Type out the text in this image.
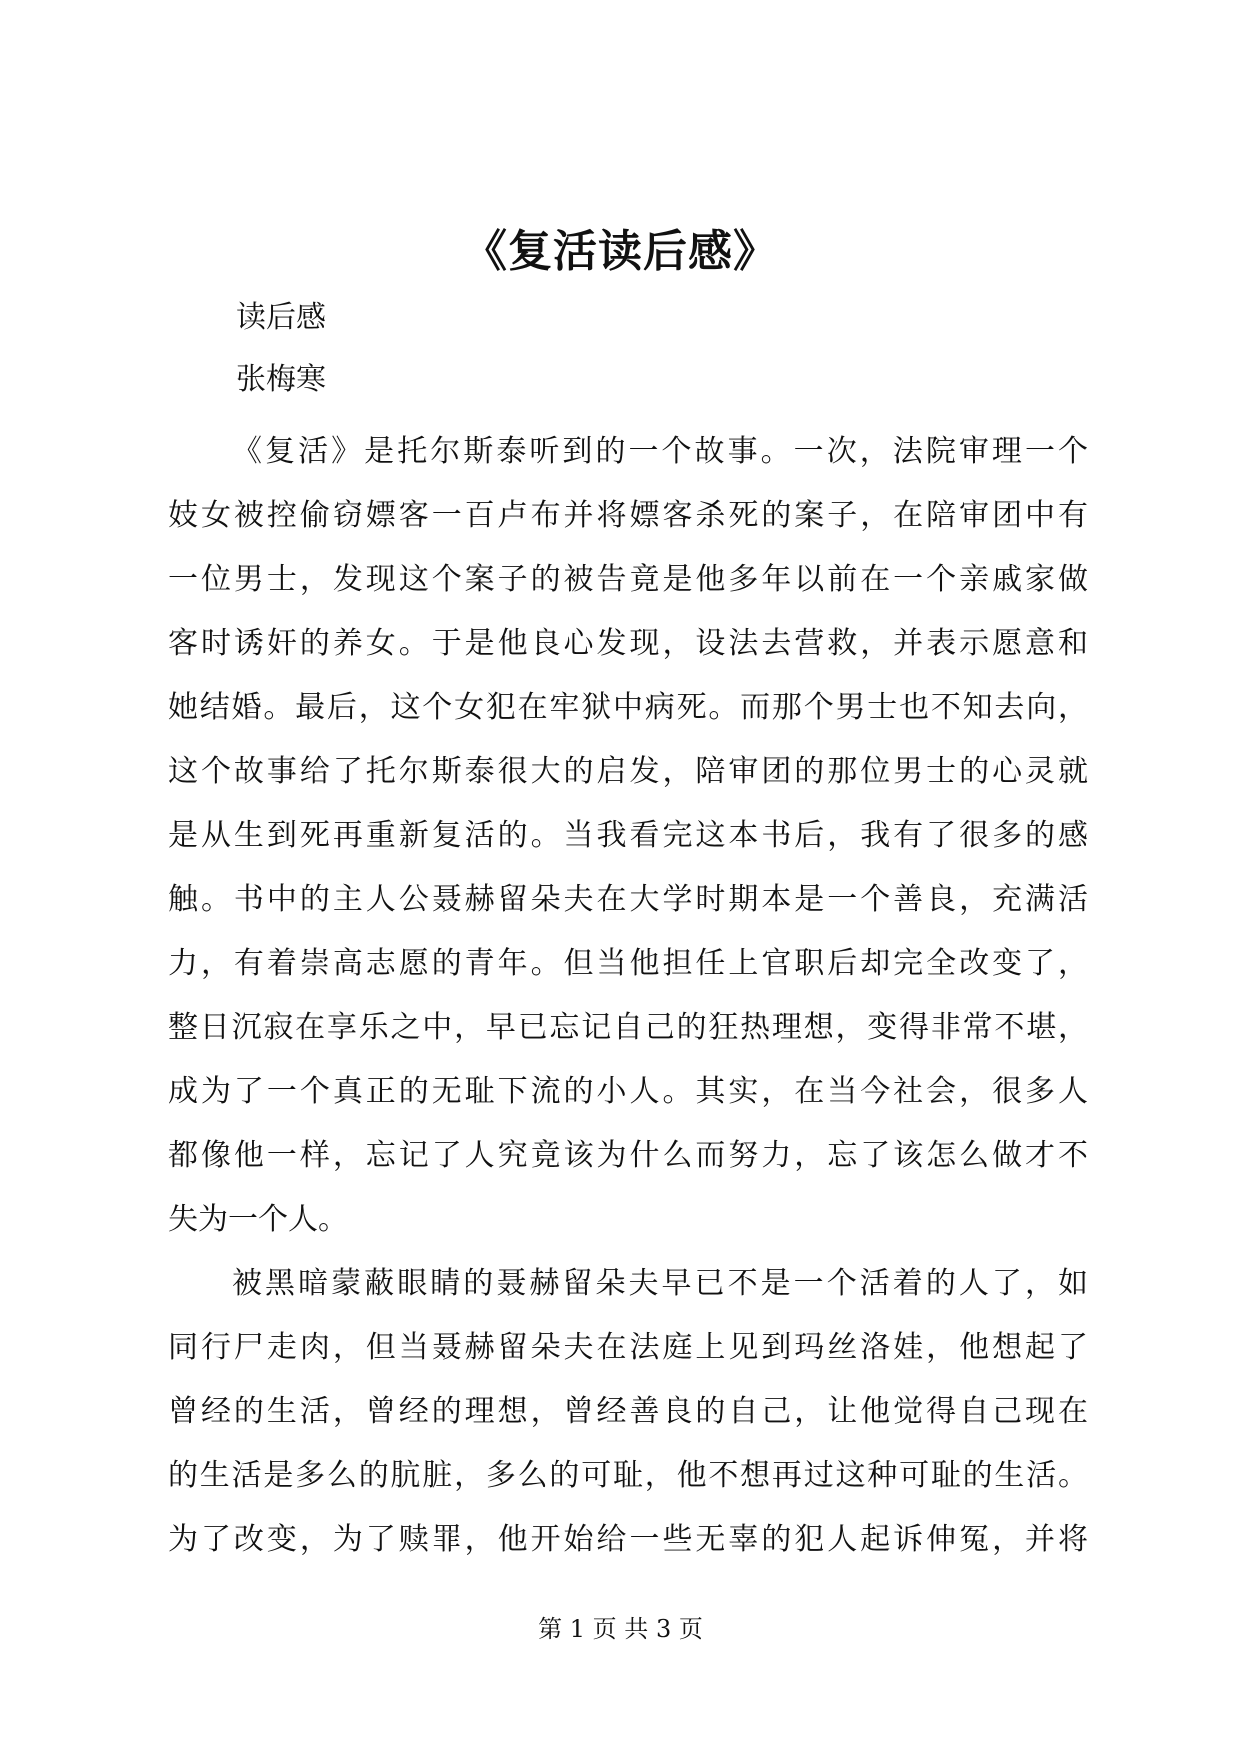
《复活读后感》
读后感
张梅寒
《复活》是托尔斯泰听到的一个故事。一次，法院审理一个
妓女被控偷窃嫖客一百卢布并将嫖客杀死的案子，在陪审团中有
一位男士，发现这个案子的被告竟是他多年以前在一个亲戚家做
客时诱奸的养女。于是他良心发现，设法去营救，并表示愿意和
她结婚。最后，这个女犯在牢狱中病死。而那个男士也不知去向，
这个故事给了托尔斯泰很大的启发，陪审团的那位男士的心灵就
是从生到死再重新复活的。当我看完这本书后，我有了很多的感
触。书中的主人公聂赫留朵夫在大学时期本是一个善良，充满活
力，有着崇高志愿的青年。但当他担任上官职后却完全改变了，
整日沉寂在享乐之中，早已忘记自己的狂热理想，变得非常不堪，
成为了一个真正的无耻下流的小人。其实，在当今社会，很多人
都像他一样，忘记了人究竟该为什么而努力，忘了该怎么做才不
失为一个人。
被黑暗蒙蔽眼睛的聂赫留朵夫早已不是一个活着的人了，如
同行尸走肉，但当聂赫留朵夫在法庭上见到玛丝洛娃，他想起了
曾经的生活，曾经的理想，曾经善良的自己，让他觉得自己现在
的生活是多么的肮脏，多么的可耻，他不想再过这种可耻的生活。
为了改变，为了赎罪，他开始给一些无辜的犯人起诉伸冤，并将
第 1 页 共 3 页
